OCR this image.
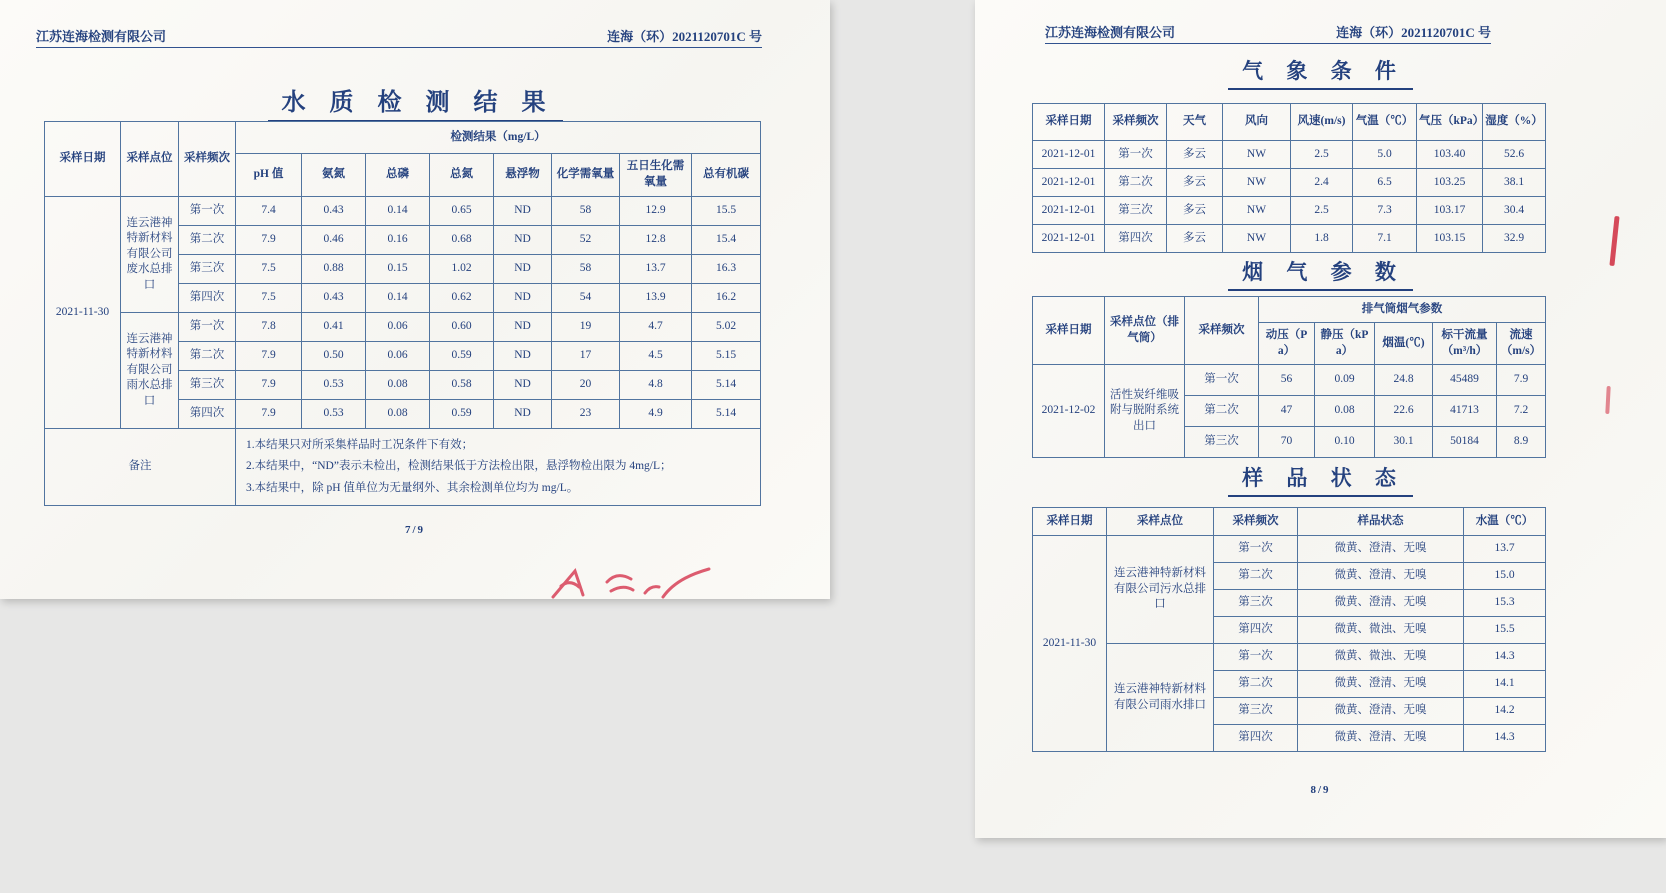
江苏连海检测有限公司	连海（环）2021120701C 号
水 质 检 测 结 果
采样日期	采样点位	采样频次	检测结果（mg/L）							
			pH 值	氨氮	总磷	总氮	悬浮物	化学需氧量	五日生化需氧量	总有机碳
2021-11-30	连云港神特新材料有限公司废水总排口	第一次	7.4	0.43	0.14	0.65	ND	58	12.9	15.5
		第二次	7.9	0.46	0.16	0.68	ND	52	12.8	15.4
		第三次	7.5	0.88	0.15	1.02	ND	58	13.7	16.3
		第四次	7.5	0.43	0.14	0.62	ND	54	13.9	16.2
	连云港神特新材料有限公司雨水总排口	第一次	7.8	0.41	0.06	0.60	ND	19	4.7	5.02
		第二次	7.9	0.50	0.06	0.59	ND	17	4.5	5.15
		第三次	7.9	0.53	0.08	0.58	ND	20	4.8	5.14
		第四次	7.9	0.53	0.08	0.59	ND	23	4.9	5.14
备注			1.本结果只对所采集样品时工况条件下有效；
2.本结果中，“ND”表示未检出，检测结果低于方法检出限，悬浮物检出限为 4mg/L；
3.本结果中，除 pH 值单位为无量纲外、其余检测单位均为 mg/L。							
7/9
江苏连海检测有限公司	连海（环）2021120701C 号
气 象 条 件
采样日期	采样频次	天气	风向	风速(m/s)	气温（℃）	气压（kPa）	湿度（%）
2021-12-01	第一次	多云	NW	2.5	5.0	103.40	52.6
2021-12-01	第二次	多云	NW	2.4	6.5	103.25	38.1
2021-12-01	第三次	多云	NW	2.5	7.3	103.17	30.4
2021-12-01	第四次	多云	NW	1.8	7.1	103.15	32.9
烟 气 参 数
采样日期	采样点位（排气筒）	采样频次	排气筒烟气参数				
			动压（Pa）	静压（kPa）	烟温(℃)	标干流量（m³/h）	流速（m/s）
2021-12-02	活性炭纤维吸附与脱附系统出口	第一次	56	0.09	24.8	45489	7.9
		第二次	47	0.08	22.6	41713	7.2
		第三次	70	0.10	30.1	50184	8.9
样 品 状 态
采样日期	采样点位	采样频次	样品状态	水温（℃）
2021-11-30	连云港神特新材料有限公司污水总排口	第一次	微黄、澄清、无嗅	13.7
		第二次	微黄、澄清、无嗅	15.0
		第三次	微黄、澄清、无嗅	15.3
		第四次	微黄、微浊、无嗅	15.5
	连云港神特新材料有限公司雨水排口	第一次	微黄、微浊、无嗅	14.3
		第二次	微黄、澄清、无嗅	14.1
		第三次	微黄、澄清、无嗅	14.2
		第四次	微黄、澄清、无嗅	14.3
8/9
